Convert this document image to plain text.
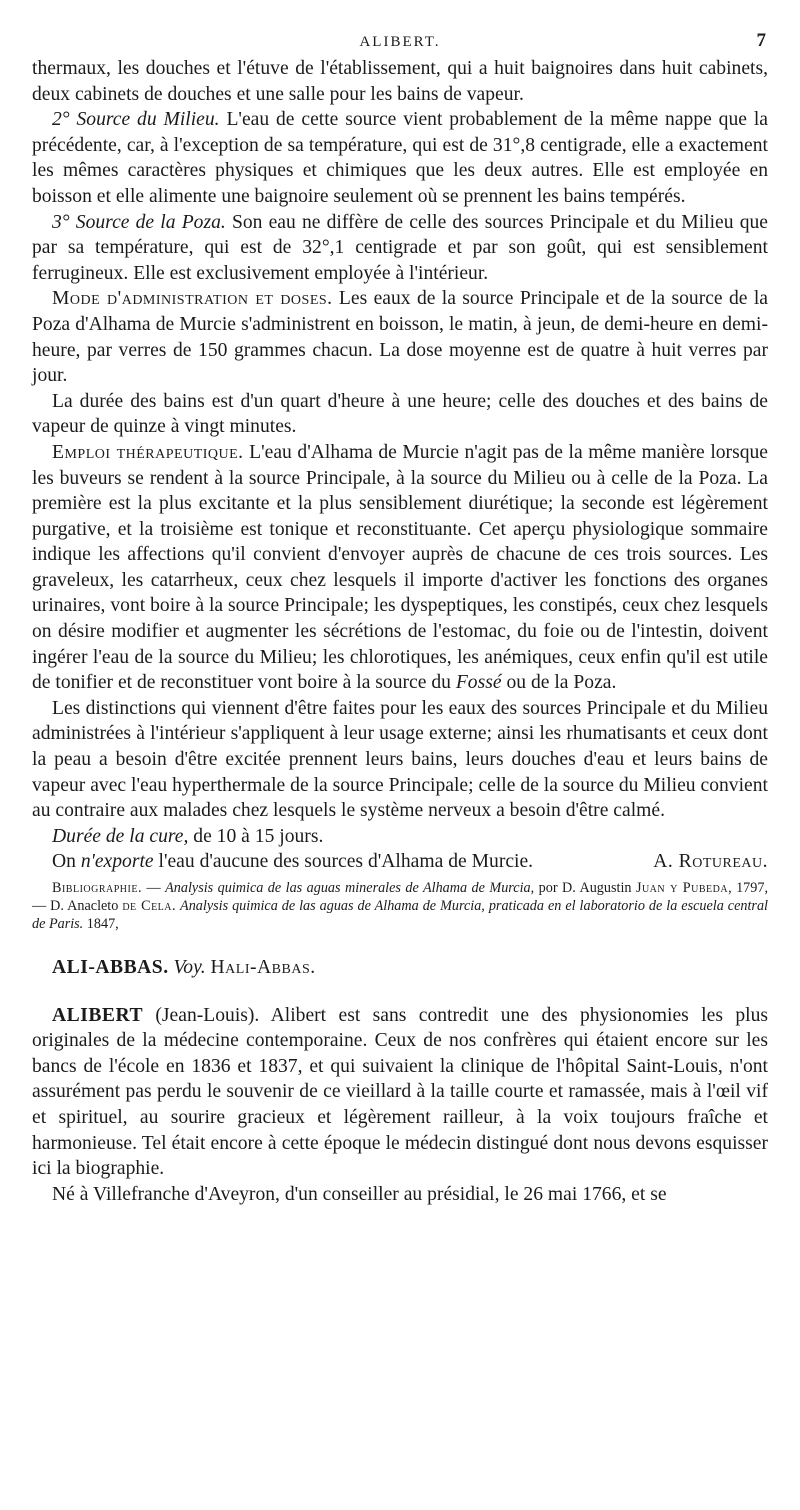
ALIBERT.	7

thermaux, les douches et l'étuve de l'établissement, qui a huit baignoires dans huit cabinets, deux cabinets de douches et une salle pour les bains de vapeur.

2° Source du Milieu. L'eau de cette source vient probablement de la même nappe que la précédente, car, à l'exception de sa température, qui est de 31°,8 centigrade, elle a exactement les mêmes caractères physiques et chimiques que les deux autres. Elle est employée en boisson et elle alimente une baignoire seulement où se prennent les bains tempérés.

3° Source de la Poza. Son eau ne diffère de celle des sources Principale et du Milieu que par sa température, qui est de 32°,1 centigrade et par son goût, qui est sensiblement ferrugineux. Elle est exclusivement employée à l'intérieur.

Mode d'administration et doses. Les eaux de la source Principale et de la source de la Poza d'Alhama de Murcie s'administrent en boisson, le matin, à jeun, de demi-heure en demi-heure, par verres de 150 grammes chacun. La dose moyenne est de quatre à huit verres par jour.

La durée des bains est d'un quart d'heure à une heure; celle des douches et des bains de vapeur de quinze à vingt minutes.

Emploi thérapeutique. L'eau d'Alhama de Murcie n'agit pas de la même manière lorsque les buveurs se rendent à la source Principale, à la source du Milieu ou à celle de la Poza. La première est la plus excitante et la plus sensiblement diurétique; la seconde est légèrement purgative, et la troisième est tonique et reconstituante. Cet aperçu physiologique sommaire indique les affections qu'il convient d'envoyer auprès de chacune de ces trois sources. Les graveleux, les catarrheux, ceux chez lesquels il importe d'activer les fonctions des organes urinaires, vont boire à la source Principale; les dyspeptiques, les constipés, ceux chez lesquels on désire modifier et augmenter les sécrétions de l'estomac, du foie ou de l'intestin, doivent ingérer l'eau de la source du Milieu; les chlorotiques, les anémiques, ceux enfin qu'il est utile de tonifier et de reconstituer vont boire à la source du Fossé ou de la Poza.

Les distinctions qui viennent d'être faites pour les eaux des sources Principale et du Milieu administrées à l'intérieur s'appliquent à leur usage externe; ainsi les rhumatisants et ceux dont la peau a besoin d'être excitée prennent leurs bains, leurs douches d'eau et leurs bains de vapeur avec l'eau hyperthermale de la source Principale; celle de la source du Milieu convient au contraire aux malades chez lesquels le système nerveux a besoin d'être calmé.

Durée de la cure, de 10 à 15 jours.

On n'exporte l'eau d'aucune des sources d'Alhama de Murcie.	A. Rotureau.

Bibliographie. — Analysis quimica de las aguas minerales de Alhama de Murcia, por D. Augustin Juan y Pubeda, 1797, — D. Anacleto de Cela. Analysis quimica de las aguas de Alhama de Murcia, praticada en el laboratorio de la escuela central de Paris. 1847,

ALI-ABBAS. Voy. Hali-Abbas.

ALIBERT (Jean-Louis). Alibert est sans contredit une des physionomies les plus originales de la médecine contemporaine. Ceux de nos confrères qui étaient encore sur les bancs de l'école en 1836 et 1837, et qui suivaient la clinique de l'hôpital Saint-Louis, n'ont assurément pas perdu le souvenir de ce vieillard à la taille courte et ramassée, mais à l'œil vif et spirituel, au sourire gracieux et légèrement railleur, à la voix toujours fraîche et harmonieuse. Tel était encore à cette époque le médecin distingué dont nous devons esquisser ici la biographie.

Né à Villefranche d'Aveyron, d'un conseiller au présidial, le 26 mai 1766, et se
